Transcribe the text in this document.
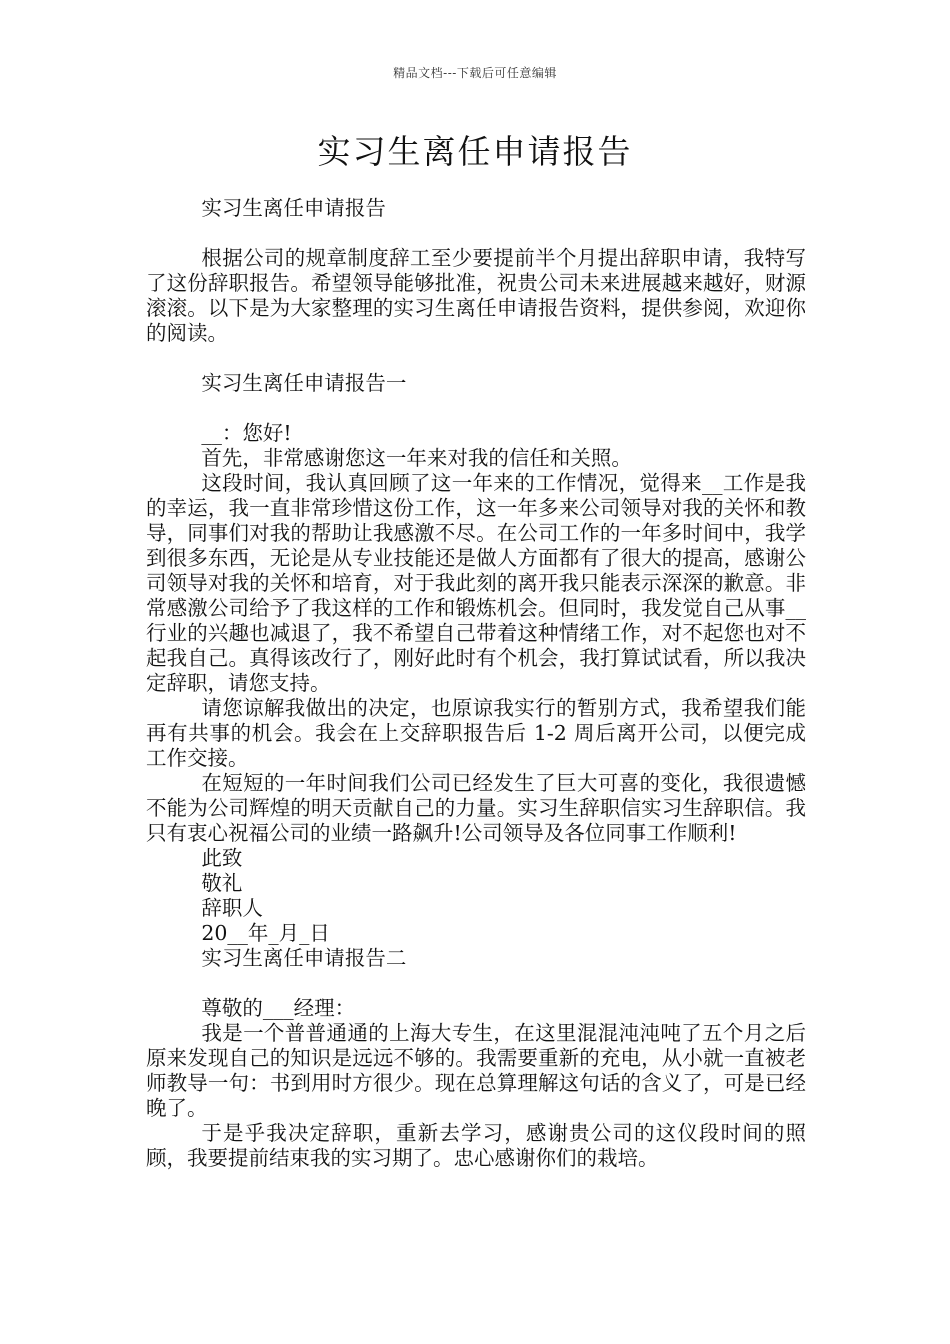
精品文档---下载后可任意编辑
实习生离任申请报告

实习生离任申请报告

根据公司的规章制度辞工至少要提前半个月提出辞职申请，我特写了这份辞职报告。希望领导能够批准，祝贵公司未来进展越来越好，财源滚滚。以下是为大家整理的实习生离任申请报告资料，提供参阅，欢迎你的阅读。

实习生离任申请报告一

__：您好!

首先，非常感谢您这一年来对我的信任和关照。

这段时间，我认真回顾了这一年来的工作情况，觉得来__工作是我的幸运，我一直非常珍惜这份工作，这一年多来公司领导对我的关怀和教导，同事们对我的帮助让我感激不尽。在公司工作的一年多时间中，我学到很多东西，无论是从专业技能还是做人方面都有了很大的提高，感谢公司领导对我的关怀和培育，对于我此刻的离开我只能表示深深的歉意。非常感激公司给予了我这样的工作和锻炼机会。但同时，我发觉自己从事__行业的兴趣也减退了，我不希望自己带着这种情绪工作，对不起您也对不起我自己。真得该改行了，刚好此时有个机会，我打算试试看，所以我决定辞职，请您支持。

请您谅解我做出的决定，也原谅我实行的暂别方式，我希望我们能再有共事的机会。我会在上交辞职报告后 1-2 周后离开公司，以便完成工作交接。

在短短的一年时间我们公司已经发生了巨大可喜的变化，我很遗憾不能为公司辉煌的明天贡献自己的力量。实习生辞职信实习生辞职信。我只有衷心祝福公司的业绩一路飙升!公司领导及各位同事工作顺利!

此致

敬礼

辞职人

20__年_月_日

实习生离任申请报告二

尊敬的___经理：

我是一个普普通通的上海大专生，在这里混混沌沌吨了五个月之后原来发现自己的知识是远远不够的。我需要重新的充电，从小就一直被老师教导一句：书到用时方很少。现在总算理解这句话的含义了，可是已经晚了。

于是乎我决定辞职，重新去学习，感谢贵公司的这仪段时间的照顾，我要提前结束我的实习期了。忠心感谢你们的栽培。
